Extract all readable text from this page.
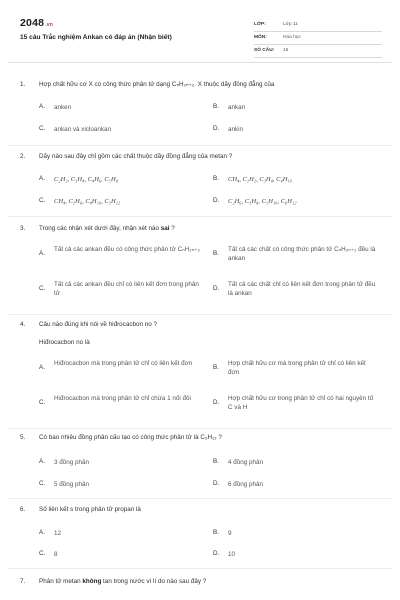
2048.vn
15 câu Trắc nghiệm Ankan có đáp án (Nhận biết)
LỚP:	Lớp 11
MÔN:	Hóa học
SỐ CÂU: 15
1. Hợp chất hữu cơ X có công thức phân tử dạng CₙH₂ₙ₊₂. X thuộc dãy đồng đẳng của
A. anken	B. ankan
C. ankan và xicloankan	D. ankin
2. Dãy nào sau đây chỉ gồm các chất thuộc dãy đồng đẳng của metan ?
A. C₂H₂, C₃H₄, C₄H₆, C₅H₈	B. CH₄, C₂H₂, C₃H₄, C₄H₁₀
C. CH₄, C₂H₆, C₄H₁₀, C₅H₁₂	D. C₂H₆, C₃H₈, C₅H₁₀, C₆H₁₂
3. Trong các nhận xét dưới đây, nhận xét nào sai ?
A.
Tất cả các ankan đều có công thức phân tử CₙH₂ₙ₊₂
B.
Tất cả các chất có công thức phân tử CₙH₂ₙ₊₂ đều là ankan
C.
Tất cả các ankan đều chỉ có liên kết đơn trong phân tử
D.
Tất cả các chất chỉ có liên kết đơn trong phân tử đều là ankan
4. Câu nào đúng khi nói về hiđrocacbon no ?
Hiđrocacbon no là
A.
Hiđrocacbon mà trong phân tử chỉ có liên kết đơn
B.
Hợp chất hữu cơ mà trong phân tử chỉ có liên kết đơn
C.
Hiđrocacbon mà trong phân tử chỉ chứa 1 nối đôi
D.
Hợp chất hữu cơ trong phân tử chỉ có hai nguyên tố C và H
5. Có bao nhiêu đồng phân cấu tạo có công thức phân tử là C₅H₁₂ ?
A. 3 đồng phân	B. 4 đồng phân
C. 5 đồng phân	D. 6 đồng phân
6. Số liên kết s trong phân tử propan là
A. 12	B. 9
C. 8	D. 10
7. Phân tử metan không tan trong nước vì lí do nào sau đây ?
